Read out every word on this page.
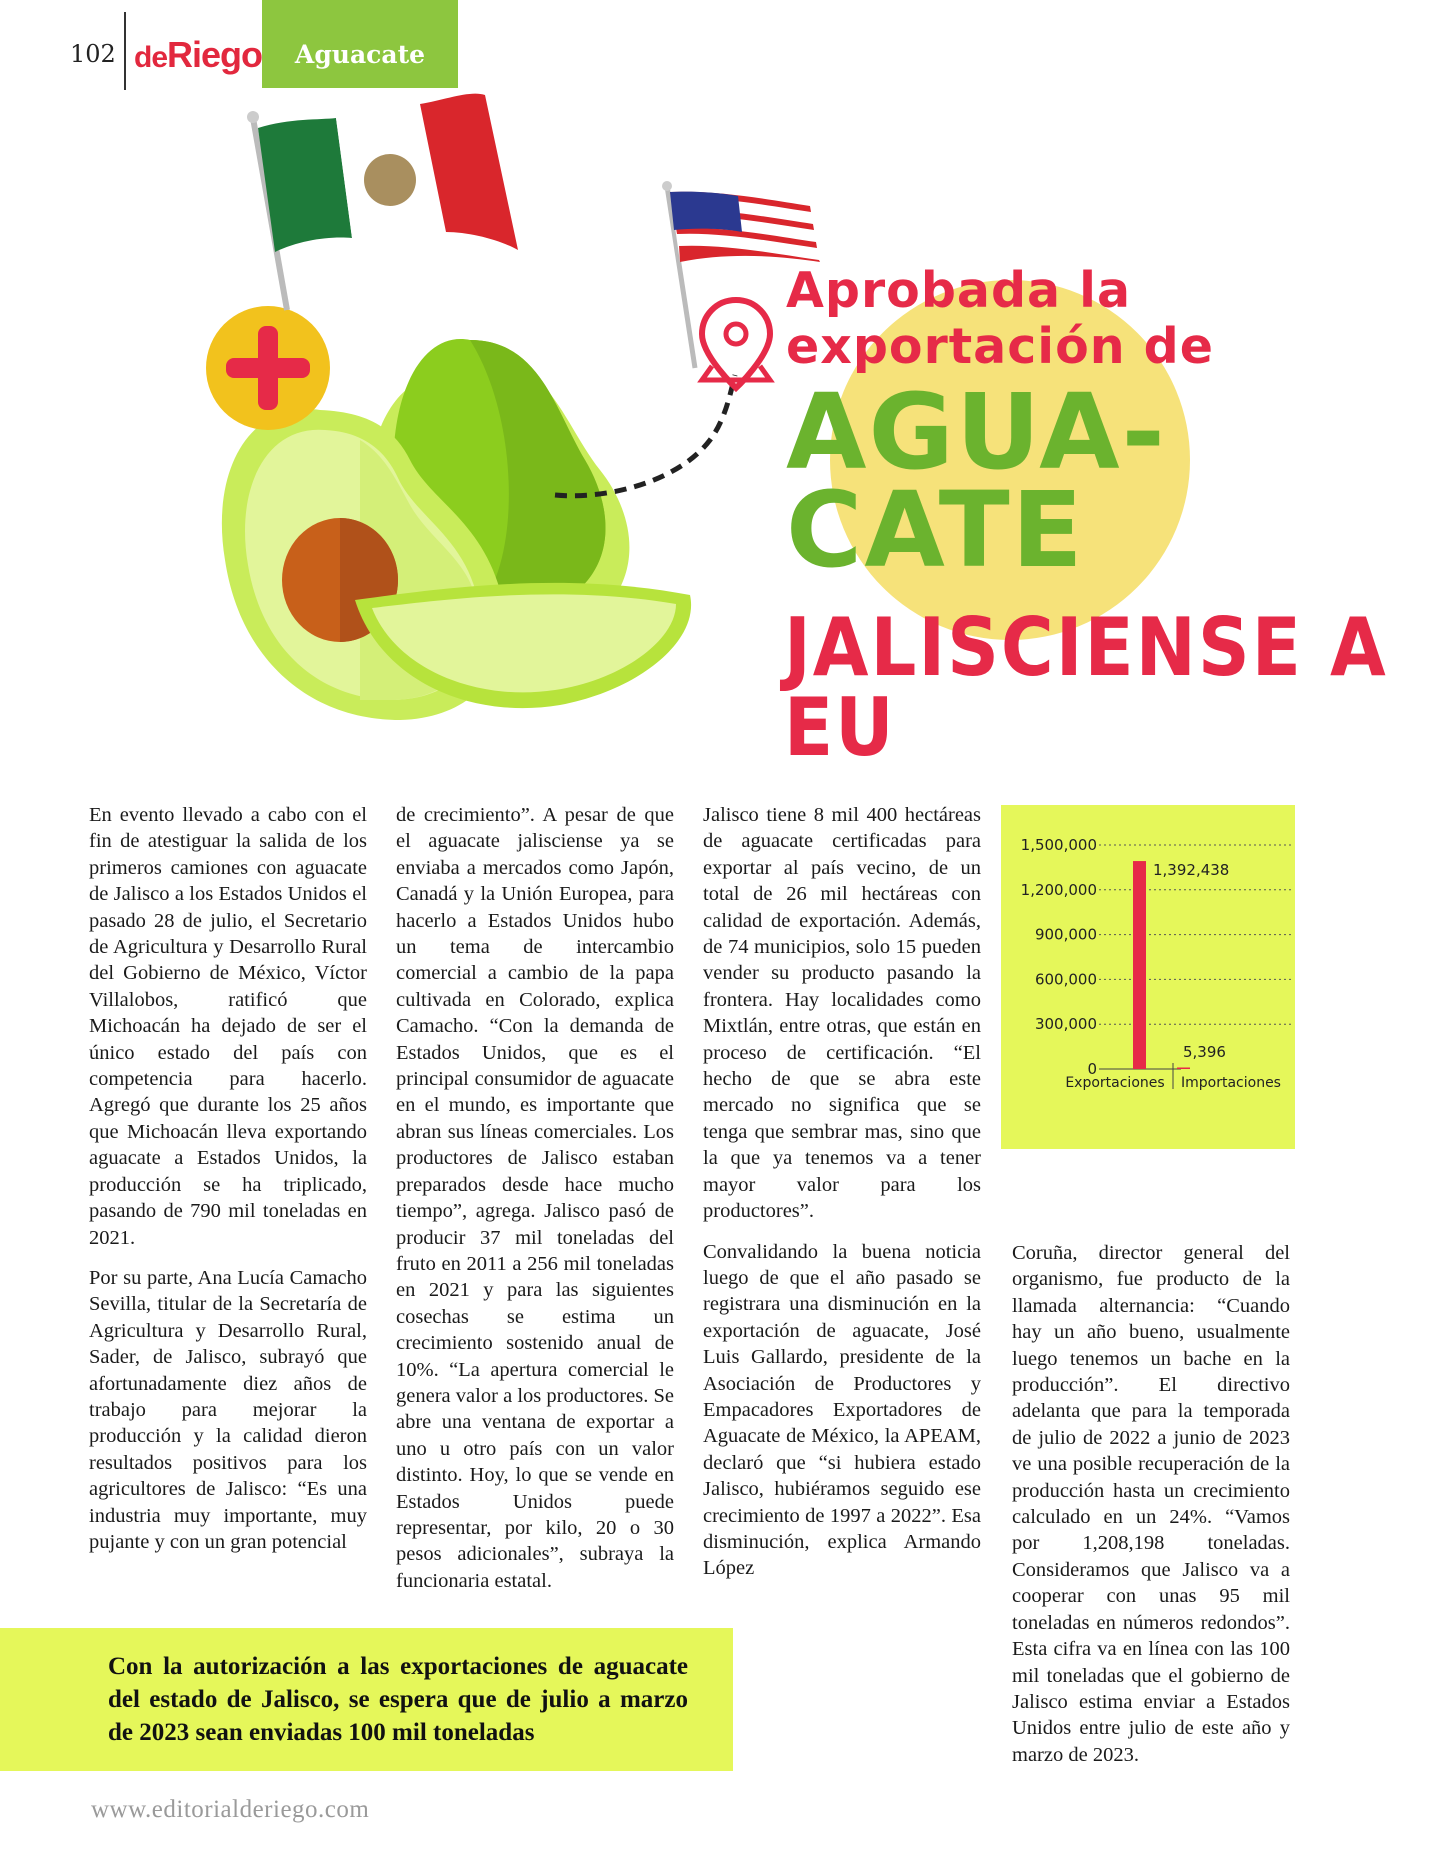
102 deRiego	Aguacate
Aprobada la
exportación de
AGUA-
CATE
JALISCIENSE A EU

En evento llevado a cabo con el fin de atestiguar la salida de los primeros camiones con aguacate de Jalisco a los Estados Unidos el pasado 28 de julio, el Secretario de Agricultura y Desarrollo Rural del Gobierno de México, Víctor Villalobos, ratificó que Michoacán ha dejado de ser el único estado del país con competencia para hacerlo. Agregó que durante los 25 años que Michoacán lleva exportando aguacate a Estados Unidos, la producción se ha triplicado, pasando de 790 mil toneladas en 2021.

Por su parte, Ana Lucía Camacho Sevilla, titular de la Secretaría de Agricultura y Desarrollo Rural, Sader, de Jalisco, subrayó que afortunadamente diez años de trabajo para mejorar la producción y la calidad dieron resultados positivos para los agricultores de Jalisco: “Es una industria muy importante, muy pujante y con un gran potencial

de crecimiento”. A pesar de que el aguacate jalisciense ya se enviaba a mercados como Japón, Canadá y la Unión Europea, para hacerlo a Estados Unidos hubo un tema de intercambio comercial a cambio de la papa cultivada en Colorado, explica Camacho. “Con la demanda de Estados Unidos, que es el principal consumidor de aguacate en el mundo, es importante que abran sus líneas comerciales. Los productores de Jalisco estaban preparados desde hace mucho tiempo”, agrega. Jalisco pasó de producir 37 mil toneladas del fruto en 2011 a 256 mil toneladas en 2021 y para las siguientes cosechas se estima un crecimiento sostenido anual de 10%. “La apertura comercial le genera valor a los productores. Se abre una ventana de exportar a uno u otro país con un valor distinto. Hoy, lo que se vende en Estados Unidos puede representar, por kilo, 20 o 30 pesos adicionales”, subraya la funcionaria estatal.

Jalisco tiene 8 mil 400 hectáreas de aguacate certificadas para exportar al país vecino, de un total de 26 mil hectáreas con calidad de exportación. Además, de 74 municipios, solo 15 pueden vender su producto pasando la frontera. Hay localidades como Mixtlán, entre otras, que están en proceso de certificación. “El hecho de que se abra este mercado no significa que se tenga que sembrar mas, sino que la que ya tenemos va a tener mayor valor para los productores”.

Convalidando la buena noticia luego de que el año pasado se registrara una disminución en la exportación de aguacate, José Luis Gallardo, presidente de la Asociación de Productores y Empacadores Exportadores de Aguacate de México, la APEAM, declaró que “si hubiera estado Jalisco, hubiéramos seguido ese crecimiento de 1997 a 2022”. Esa disminución, explica Armando López

Coruña, director general del organismo, fue producto de la llamada alternancia: “Cuando hay un año bueno, usualmente luego tenemos un bache en la producción”. El directivo adelanta que para la temporada de julio de 2022 a junio de 2023 ve una posible recuperación de la producción hasta un crecimiento calculado en un 24%. “Vamos por 1,208,198 toneladas. Consideramos que Jalisco va a cooperar con unas 95 mil toneladas en números redondos”. Esta cifra va en línea con las 100 mil toneladas que el gobierno de Jalisco estima enviar a Estados Unidos entre julio de este año y marzo de 2023.

0
300,000
600,000
900,000
1,200,000
1,500,000
1,392,438
5,396
Exportaciones Importaciones
Con la autorización a las exportaciones de aguacate del estado de Jalisco, se espera que de julio a marzo de 2023 sean enviadas 100 mil toneladas
www.editorialderiego.com
